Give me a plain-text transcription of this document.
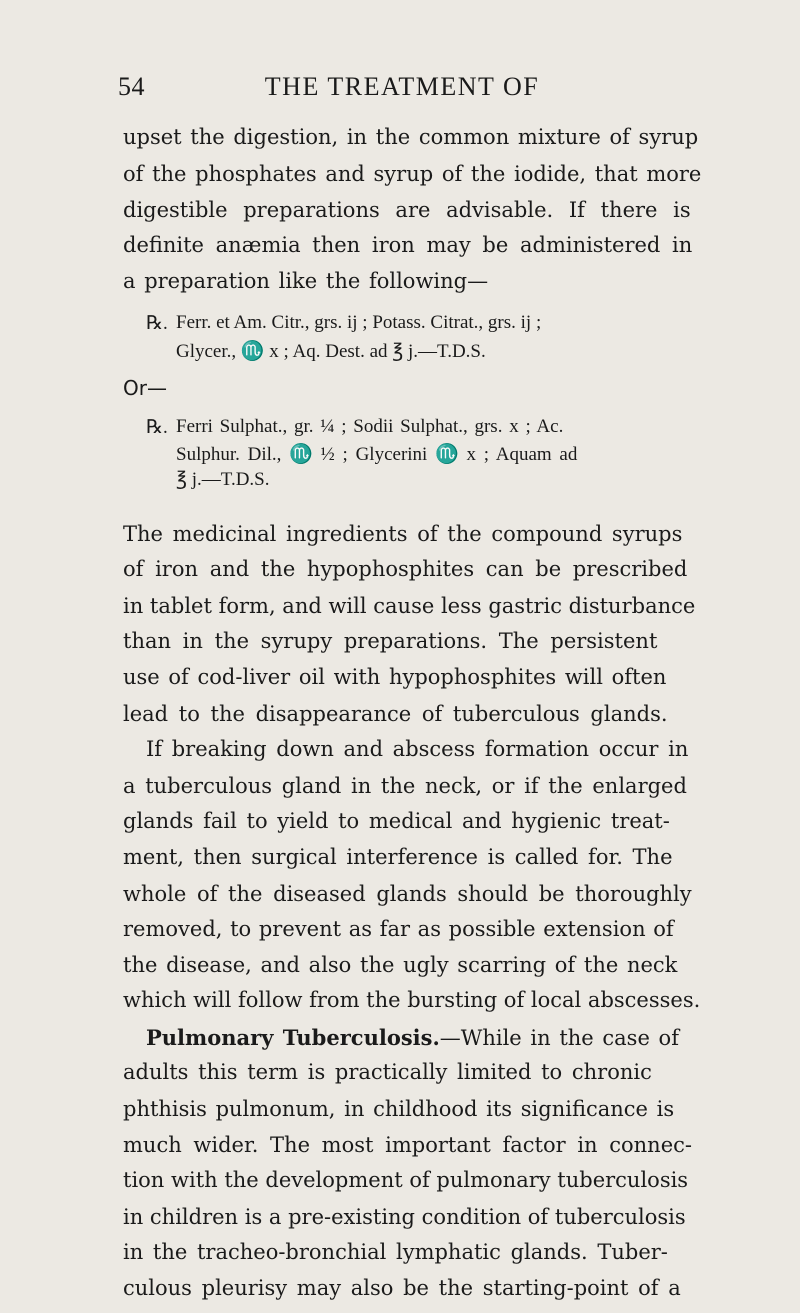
54	THE TREATMENT OF
upset the digestion, in the common mixture of syrup
of the phosphates and syrup of the iodide, that more
digestible preparations are advisable. If there is
definite anæmia then iron may be administered in
a preparation like the following—
℞. Ferr. et Am. Citr., grs. ij ; Potass. Citrat., grs. ij ;
Glycer., ♏ x ; Aq. Dest. ad ℥ j.—T.D.S.
Or—
℞. Ferri Sulphat., gr. ¼ ; Sodii Sulphat., grs. x ; Ac.
Sulphur. Dil., ♏ ½ ; Glycerini ♏ x ; Aquam ad
℥ j.—T.D.S.
The medicinal ingredients of the compound syrups
of iron and the hypophosphites can be prescribed
in tablet form, and will cause less gastric disturbance
than in the syrupy preparations. The persistent
use of cod-liver oil with hypophosphites will often
lead to the disappearance of tuberculous glands.
If breaking down and abscess formation occur in
a tuberculous gland in the neck, or if the enlarged
glands fail to yield to medical and hygienic treat-
ment, then surgical interference is called for. The
whole of the diseased glands should be thoroughly
removed, to prevent as far as possible extension of
the disease, and also the ugly scarring of the neck
which will follow from the bursting of local abscesses.
Pulmonary Tuberculosis.—While in the case of
adults this term is practically limited to chronic
phthisis pulmonum, in childhood its significance is
much wider. The most important factor in connec-
tion with the development of pulmonary tuberculosis
in children is a pre-existing condition of tuberculosis
in the tracheo-bronchial lymphatic glands. Tuber-
culous pleurisy may also be the starting-point of a
